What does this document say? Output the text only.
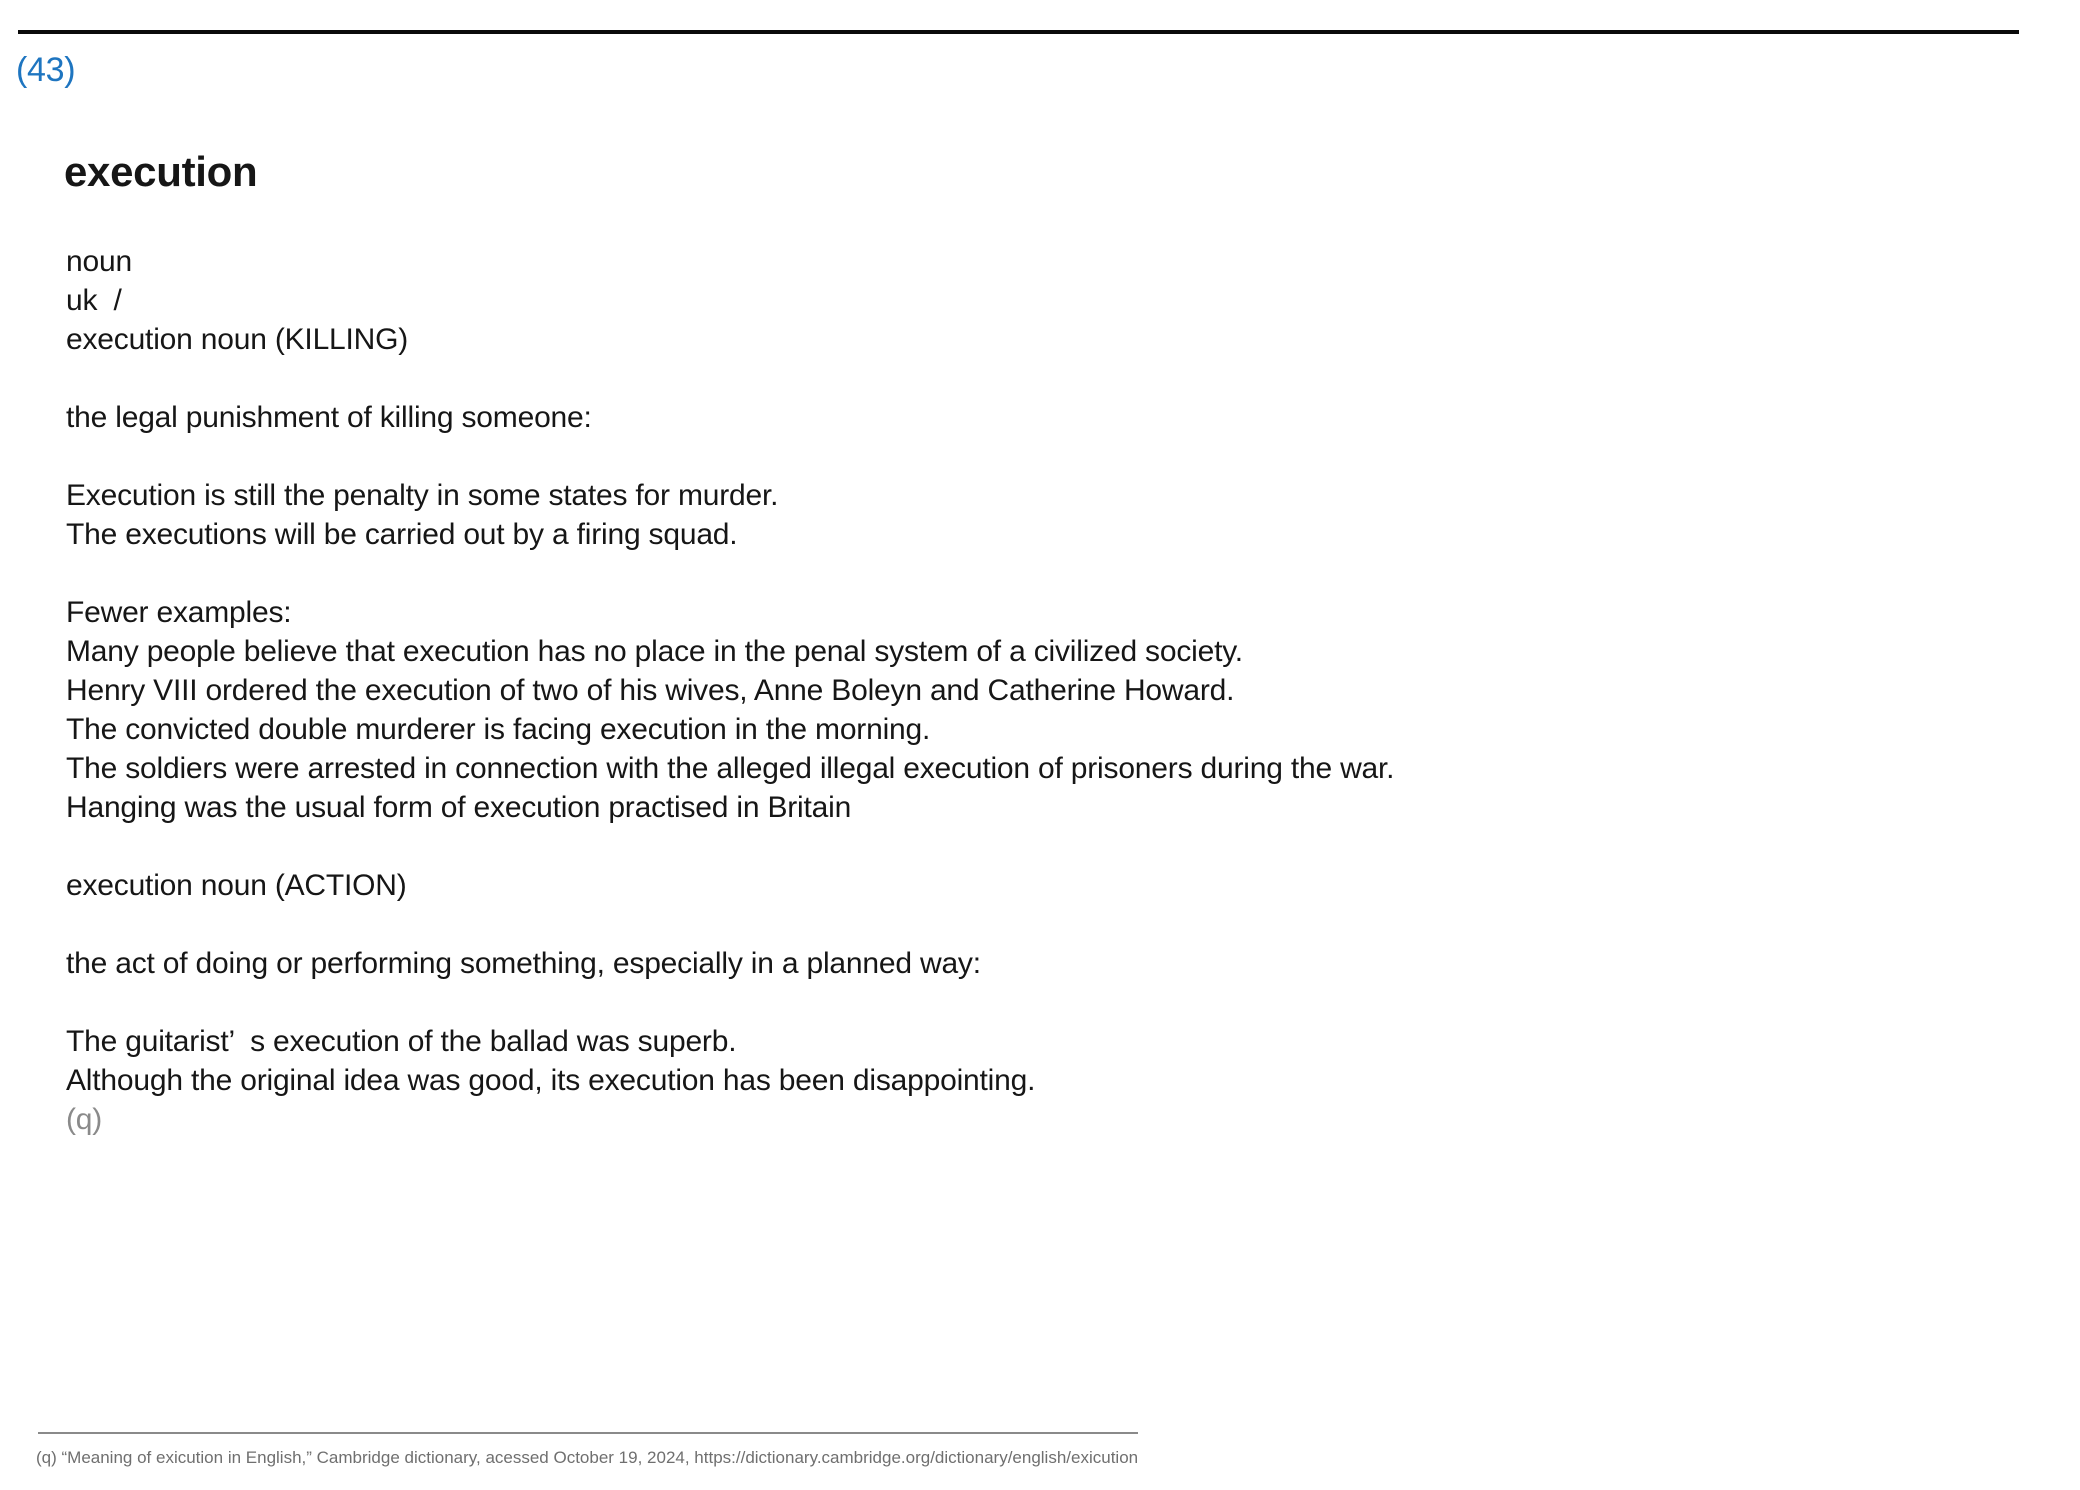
(43)
execution
noun
uk  /
execution noun (KILLING)

the legal punishment of killing someone:

Execution is still the penalty in some states for murder.
The executions will be carried out by a firing squad.

Fewer examples:
Many people believe that execution has no place in the penal system of a civilized society.
Henry VIII ordered the execution of two of his wives, Anne Boleyn and Catherine Howard.
The convicted double murderer is facing execution in the morning.
The soldiers were arrested in connection with the alleged illegal execution of prisoners during the war.
Hanging was the usual form of execution practised in Britain

execution noun (ACTION)

the act of doing or performing something, especially in a planned way:

The guitarist’  s execution of the ballad was superb.
Although the original idea was good, its execution has been disappointing.
(q)
(q) “Meaning of exicution in English,” Cambridge dictionary, acessed October 19, 2024, https://dictionary.cambridge.org/dictionary/english/exicution
